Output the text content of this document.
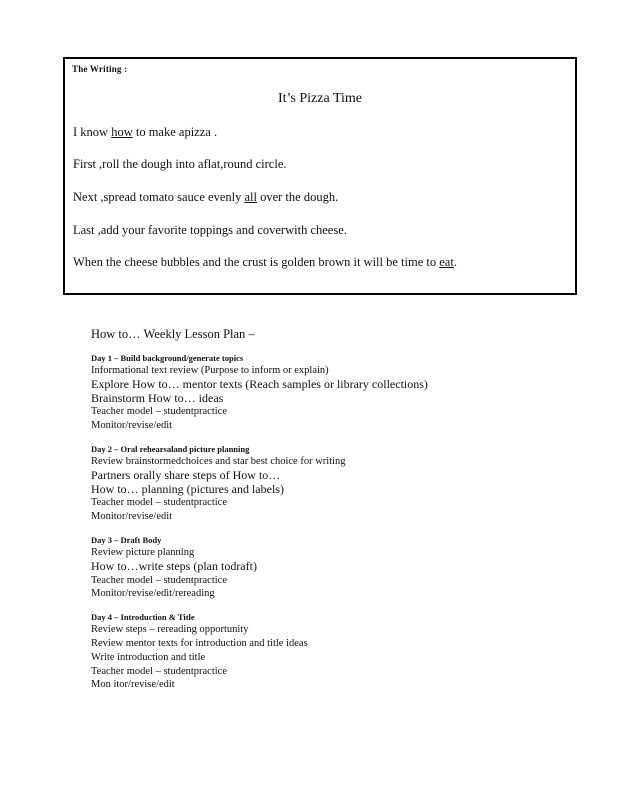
The Writing :
It’s Pizza Time
I know how to make apizza .
First ,roll the dough into aflat,round circle.
Next ,spread tomato sauce evenly all over the dough.
Last ,add your favorite toppings and coverwith cheese.
When the cheese bubbles and the crust is golden brown it will be time to eat.
How to… Weekly Lesson Plan –
Day 1 – Build background/generate topics
Informational text review (Purpose to inform or explain)
Explore How to… mentor texts (Reach samples or library collections)
Brainstorm How to… ideas
Teacher model – studentpractice
Monitor/revise/edit
Day 2 – Oral rehearsaland picture planning
Review brainstormedchoices and star best choice for writing
Partners orally share steps of How to…
How to… planning (pictures and labels)
Teacher model – studentpractice
Monitor/revise/edit
Day 3 – Draft Body
Review picture planning
How to…write steps (plan todraft)
Teacher model – studentpractice
Monitor/revise/edit/rereading
Day 4 – Introduction & Title
Review steps – rereading opportunity
Review mentor texts for introduction and title ideas
Write introduction and title
Teacher model – studentpractice
Mon itor/revise/edit
